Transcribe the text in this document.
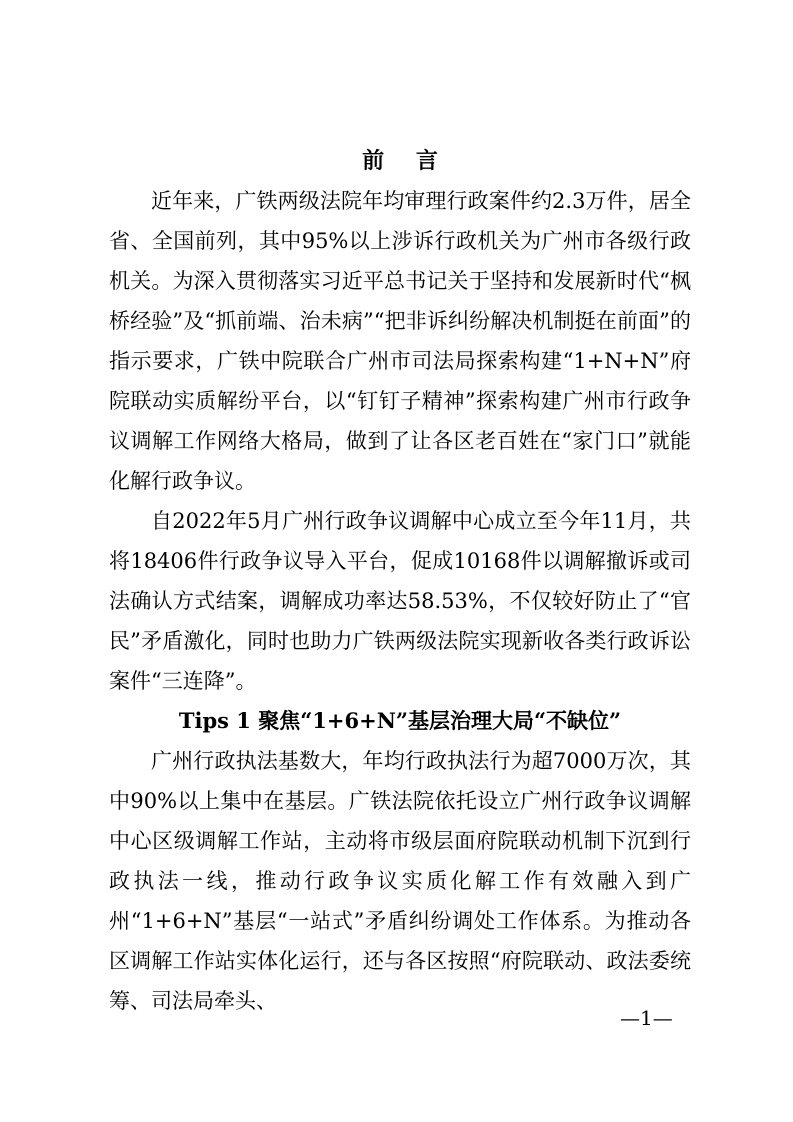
前 言

近年来，广铁两级法院年均审理行政案件约2.3万件，居全省、全国前列，其中95%以上涉诉行政机关为广州市各级行政机关。为深入贯彻落实习近平总书记关于坚持和发展新时代“枫桥经验”及“抓前端、治未病”“把非诉纠纷解决机制挺在前面”的指示要求，广铁中院联合广州市司法局探索构建“1+N+N”府院联动实质解纷平台，以“钉钉子精神”探索构建广州市行政争议调解工作网络大格局，做到了让各区老百姓在“家门口”就能化解行政争议。

自2022年5月广州行政争议调解中心成立至今年11月，共将18406件行政争议导入平台，促成10168件以调解撤诉或司法确认方式结案，调解成功率达58.53%，不仅较好防止了“官民”矛盾激化，同时也助力广铁两级法院实现新收各类行政诉讼案件“三连降”。

Tips 1 聚焦“1+6+N”基层治理大局“不缺位”

广州行政执法基数大，年均行政执法行为超7000万次，其中90%以上集中在基层。广铁法院依托设立广州行政争议调解中心区级调解工作站，主动将市级层面府院联动机制下沉到行政执法一线，推动行政争议实质化解工作有效融入到广州“1+6+N”基层“一站式”矛盾纠纷调处工作体系。为推动各区调解工作站实体化运行，还与各区按照“府院联动、政法委统筹、司法局牵头、

—1—
